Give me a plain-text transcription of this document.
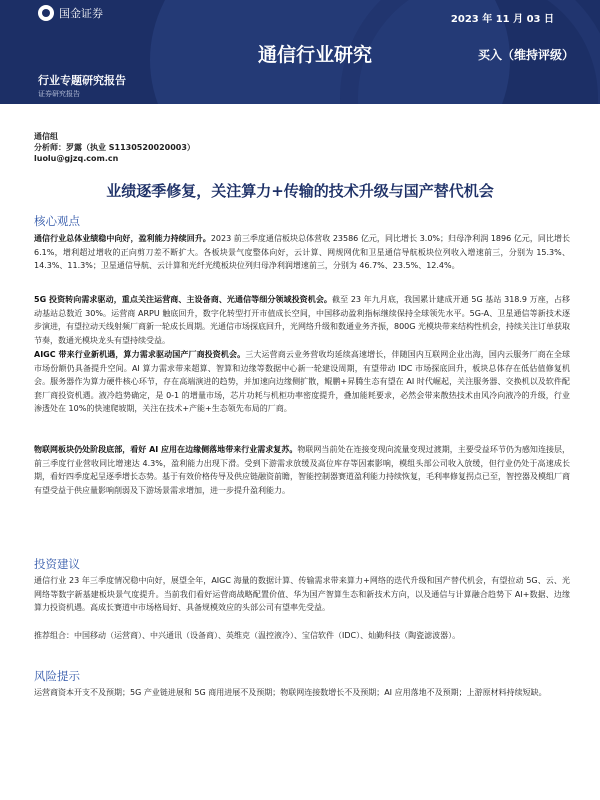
国金证券	2023 年 11 月 03 日
通信行业研究	买入（维持评级）
行业专题研究报告
证券研究报告
通信组
分析师：罗露（执业 S1130520020003）
luolu@gjzq.com.cn
业绩逐季修复，关注算力+传输的技术升级与国产替代机会
核心观点

通信行业总体业绩稳中向好，盈利能力持续回升。2023 前三季度通信板块总体营收 23586 亿元，同比增长 3.0%；归母净利润 1896 亿元，同比增长 6.1%，增利超过增收的正向剪刀差不断扩大。各板块景气度整体向好，云计算、网规网优和卫星通信导航板块位列收入增速前三，分别为 15.3%、14.3%、11.3%；卫星通信导航、云计算和光纤光缆板块位列归母净利润增速前三，分别为 46.7%、23.5%、12.4%。

5G 投资转向需求驱动，重点关注运营商、主设备商、光通信等细分领域投资机会。截至 23 年九月底，我国累计建成开通 5G 基站 318.9 万座，占移动基站总数近 30%。运营商 ARPU 触底回升，数字化转型打开市值成长空间，中国移动盈利指标继续保持全球领先水平。5G-A、卫星通信等新技术逐步演进，有望拉动天线射频厂商新一轮成长周期。光通信市场探底回升，光网络升级和数通业务齐振，800G 光模块带来结构性机会，持续关注订单获取节奏，数通光模块龙头有望持续受益。

AIGC 带来行业新机遇，算力需求驱动国产厂商投资机会。三大运营商云业务营收均延续高速增长，伴随国内互联网企业出海，国内云服务厂商在全球市场份额仍具备提升空间。AI 算力需求带来超算、智算和边缘等数据中心新一轮建设周期，有望带动 IDC 市场探底回升，板块总体存在低估值修复机会。服务器作为算力硬件核心环节，存在高端演进的趋势，并加速向边缘侧扩散，鲲鹏+昇腾生态有望在 AI 时代崛起，关注服务器、交换机以及软件配套厂商投资机遇。液冷趋势确定，是 0-1 的增量市场，芯片功耗与机柜功率密度提升，叠加能耗要求，必然会带来散热技术由风冷向液冷的升级，行业渗透处在 10%的快速爬坡期，关注在技术+产能+生态领先布局的厂商。

物联网板块仍处阶段底部，看好 AI 应用在边缘侧落地带来行业需求复苏。物联网当前处在连接变现向流量变现过渡期，主要受益环节仍为感知连接层，前三季度行业营收同比增速达 4.3%，盈利能力出现下滑。受到下游需求放缓及高位库存等因素影响，模组头部公司收入放缓，但行业仍处于高速成长期，看好四季度起呈逐季增长态势。基于有效价格传导及供应链融资前瞻，智能控制器赛道盈利能力持续恢复，毛利率修复拐点已至，智控器及模组厂商有望受益于供应量影响削弱及下游场景需求增加，进一步提升盈利能力。

投资建议

通信行业 23 年三季度情况稳中向好，展望全年，AIGC 海量的数据计算、传输需求带来算力+网络的迭代升级和国产替代机会，有望拉动 5G、云、光网络等数字新基建板块景气度提升。当前我们看好运营商战略配置价值、华为国产智算生态和新技术方向，以及通信与计算融合趋势下 AI+数据、边缘算力投资机遇。高成长赛道中市场格局好、具备规模效应的头部公司有望率先受益。

推荐组合：中国移动（运营商）、中兴通讯（设备商）、英维克（温控液冷）、宝信软件（IDC）、灿勤科技（陶瓷滤波器）。

风险提示

运营商资本开支不及预期；5G 产业链进展和 5G 商用进展不及预期；物联网连接数增长不及预期；AI 应用落地不及预期；上游原材料持续短缺。
